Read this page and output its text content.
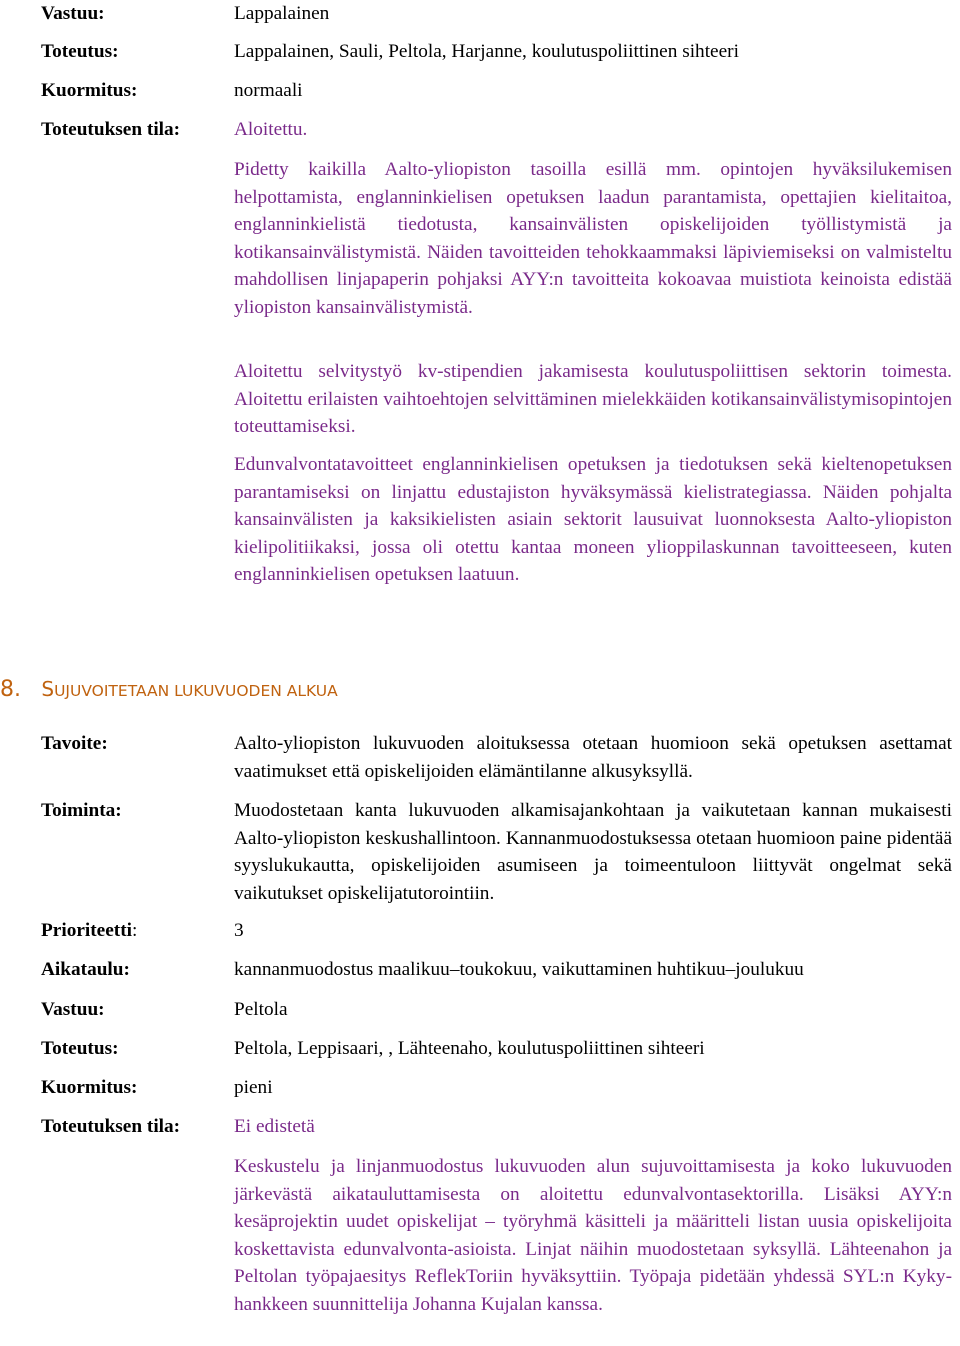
Vastuu:	Lappalainen
Toteutus:	Lappalainen, Sauli, Peltola, Harjanne, koulutuspoliittinen sihteeri
Kuormitus:	normaali
Toteutuksen tila:	Aloitettu.

Pidetty kaikilla Aalto-yliopiston tasoilla esillä mm. opintojen hyväksilukemisen helpottamista, englanninkielisen opetuksen laadun parantamista, opettajien kielitaitoa, englanninkielistä tiedotusta, kansainvälisten opiskelijoiden työllistymistä ja kotikansainvälistymistä. Näiden tavoitteiden tehokkaammaksi läpiviemiseksi on valmisteltu mahdollisen linjapaperin pohjaksi AYY:n tavoitteita kokoavaa muistiota keinoista edistää yliopiston kansainvälistymistä.

Aloitettu selvitystyö kv-stipendien jakamisesta koulutuspoliittisen sektorin toimesta. Aloitettu erilaisten vaihtoehtojen selvittäminen mielekkäiden kotikansainvälistymisopintojen toteuttamiseksi.

Edunvalvontatavoitteet englanninkielisen opetuksen ja tiedotuksen sekä kieltenopetuksen parantamiseksi on linjattu edustajiston hyväksymässä kielistrategiassa. Näiden pohjalta kansainvälisten ja kaksikielisten asiain sektorit lausuivat luonnoksesta Aalto-yliopiston kielipolitiikaksi, jossa oli otettu kantaa moneen ylioppilaskunnan tavoitteeseen, kuten englanninkielisen opetuksen laatuun.

8. SUJUVOITETAAN LUKUVUODEN ALKUA
Tavoite:	Aalto-yliopiston lukuvuoden aloituksessa otetaan huomioon sekä opetuksen asettamat vaatimukset että opiskelijoiden elämäntilanne alkusyksyllä.

Toiminta:	Muodostetaan kanta lukuvuoden alkamisajankohtaan ja vaikutetaan kannan mukaisesti Aalto-yliopiston keskushallintoon. Kannanmuodostuksessa otetaan huomioon paine pidentää syyslukukautta, opiskelijoiden asumiseen ja toimeentuloon liittyvät ongelmat sekä vaikutukset opiskelijatutorointiin.

Prioriteetti:	3
Aikataulu:	kannanmuodostus maalikuu–toukokuu, vaikuttaminen huhtikuu–joulukuu
Vastuu:	Peltola
Toteutus:	Peltola, Leppisaari, , Lähteenaho, koulutuspoliittinen sihteeri
Kuormitus:	pieni
Toteutuksen tila:	Ei edistetä

Keskustelu ja linjanmuodostus lukuvuoden alun sujuvoittamisesta ja koko lukuvuoden järkevästä aikatauluttamisesta on aloitettu edunvalvontasektorilla. Lisäksi AYY:n kesäprojektin uudet opiskelijat – työryhmä käsitteli ja määritteli listan uusia opiskelijoita koskettavista edunvalvonta-asioista. Linjat näihin muodostetaan syksyllä. Lähteenahon ja Peltolan työpajaesitys ReflekToriin hyväksyttiin. Työpaja pidetään yhdessä SYL:n Kyky-hankkeen suunnittelija Johanna Kujalan kanssa.
